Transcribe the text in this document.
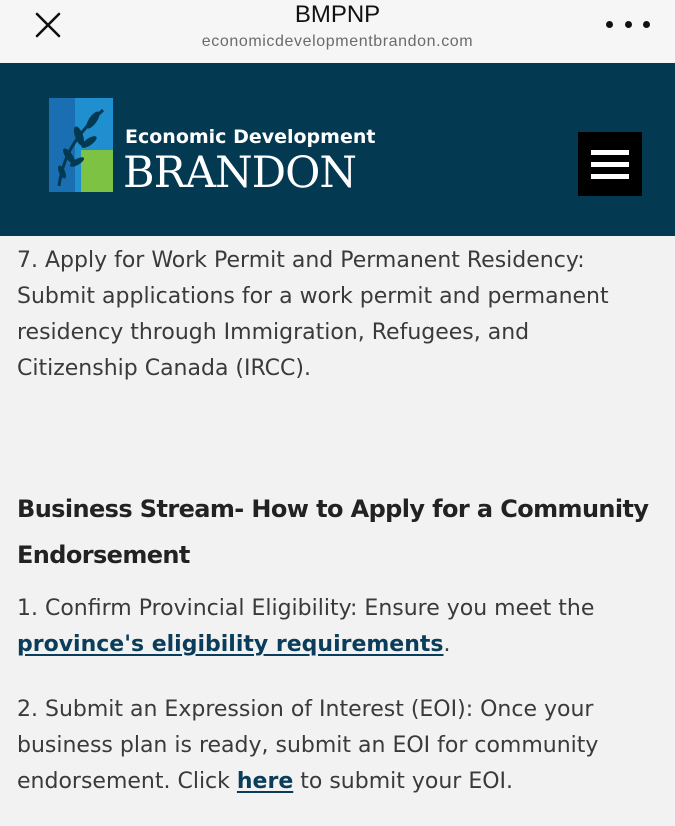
BMPNP
economicdevelopmentbrandon.com
Economic Development
BRANDON

7. Apply for Work Permit and Permanent Residency: Submit applications for a work permit and permanent residency through Immigration, Refugees, and Citizenship Canada (IRCC).

Business Stream- How to Apply for a Community Endorsement

1. Confirm Provincial Eligibility: Ensure you meet the province's eligibility requirements.

2. Submit an Expression of Interest (EOI): Once your business plan is ready, submit an EOI for community endorsement. Click here to submit your EOI.
